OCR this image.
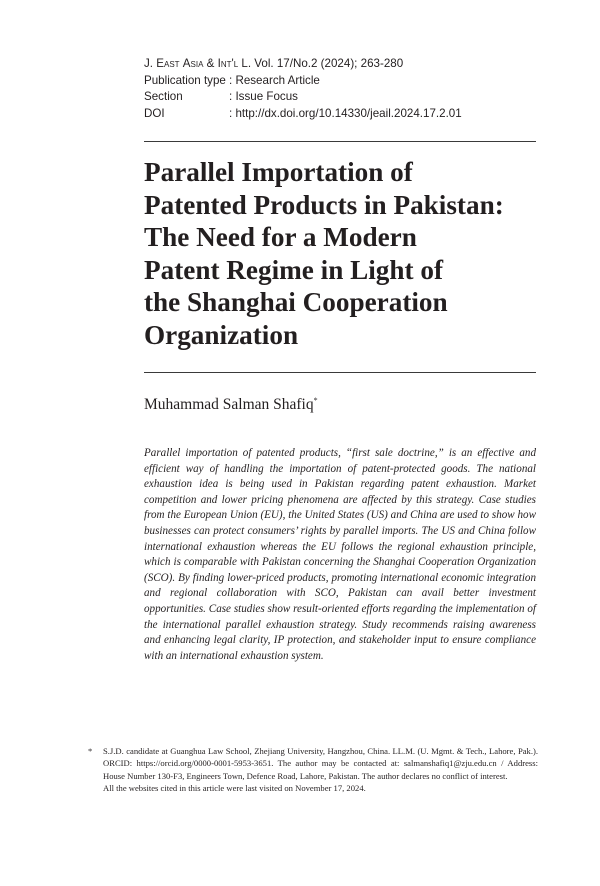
J. East Asia & Int'l L. Vol. 17/No.2 (2024); 263-280
Publication type : Research Article
Section	: Issue Focus
DOI	: http://dx.doi.org/10.14330/jeail.2024.17.2.01
Parallel Importation of
Patented Products in Pakistan:
The Need for a Modern
Patent Regime in Light of
the Shanghai Cooperation
Organization
Muhammad Salman Shafiq*

Parallel importation of patented products, “first sale doctrine,” is an effective and efficient way of handling the importation of patent-protected goods. The national exhaustion idea is being used in Pakistan regarding patent exhaustion. Market competition and lower pricing phenomena are affected by this strategy. Case studies from the European Union (EU), the United States (US) and China are used to show how businesses can protect consumers’ rights by parallel imports. The US and China follow international exhaustion whereas the EU follows the regional exhaustion principle, which is comparable with Pakistan concerning the Shanghai Cooperation Organization (SCO). By finding lower-priced products, promoting international economic integration and regional collaboration with SCO, Pakistan can avail better investment opportunities. Case studies show result-oriented efforts regarding the implementation of the international parallel exhaustion strategy. Study recommends raising awareness and enhancing legal clarity, IP protection, and stakeholder input to ensure compliance with an international exhaustion system.

* S.J.D. candidate at Guanghua Law School, Zhejiang University, Hangzhou, China. LL.M. (U. Mgmt. & Tech., Lahore, Pak.). ORCID: https://orcid.org/0000-0001-5953-3651. The author may be contacted at: salmanshafiq1@zju.edu.cn / Address: House Number 130-F3, Engineers Town, Defence Road, Lahore, Pakistan. The author declares no conflict of interest.
All the websites cited in this article were last visited on November 17, 2024.
